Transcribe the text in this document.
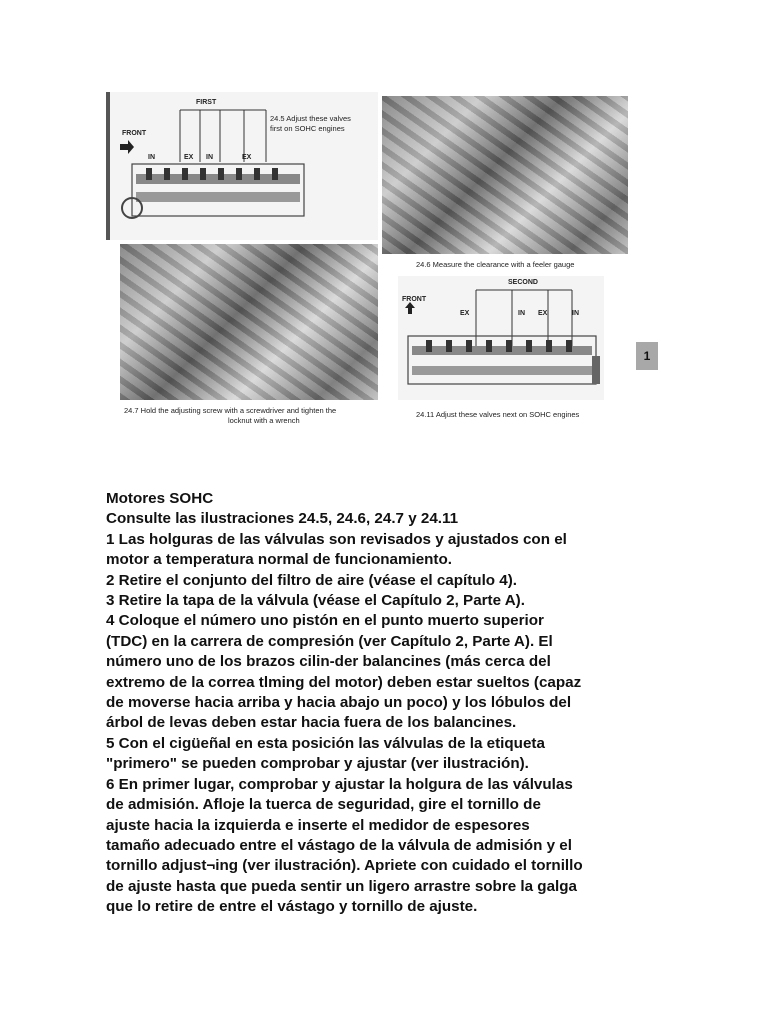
FIRST
FRONT
IN	EX IN	EX
24.5 Adjust these valves
first on SOHC engines
24.6 Measure the clearance with a feeler gauge
24.7 Hold the adjusting screw with a screwdriver and tighten the
locknut with a wrench
SECOND
FRONT
EX	IN EX	IN
24.11 Adjust these valves next on SOHC engines
1
Motores SOHC
Consulte las ilustraciones 24.5, 24.6, 24.7 y 24.11
1 Las holguras de las válvulas son revisados y ajustados con el
motor a temperatura normal de funcionamiento.
2 Retire el conjunto del filtro de aire (véase el capítulo 4).
3 Retire la tapa de la válvula (véase el Capítulo 2, Parte A).
4 Coloque el número uno pistón en el punto muerto superior
(TDC) en la carrera de compresión (ver Capítulo 2, Parte A). El
número uno de los brazos cilin-der balancines (más cerca del
extremo de la correa tlming del motor) deben estar sueltos (capaz
de moverse hacia arriba y hacia abajo un poco) y los lóbulos del
árbol de levas deben estar hacia fuera de los balancines.
5 Con el cigüeñal en esta posición las válvulas de la etiqueta
"primero" se pueden comprobar y ajustar (ver ilustración).
6 En primer lugar, comprobar y ajustar la holgura de las válvulas
de admisión. Afloje la tuerca de seguridad, gire el tornillo de
ajuste hacia la izquierda e inserte el medidor de espesores
tamaño adecuado entre el vástago de la válvula de admisión y el
tornillo adjust¬ing (ver ilustración). Apriete con cuidado el tornillo
de ajuste hasta que pueda sentir un ligero arrastre sobre la galga
que lo retire de entre el vástago y tornillo de ajuste.
